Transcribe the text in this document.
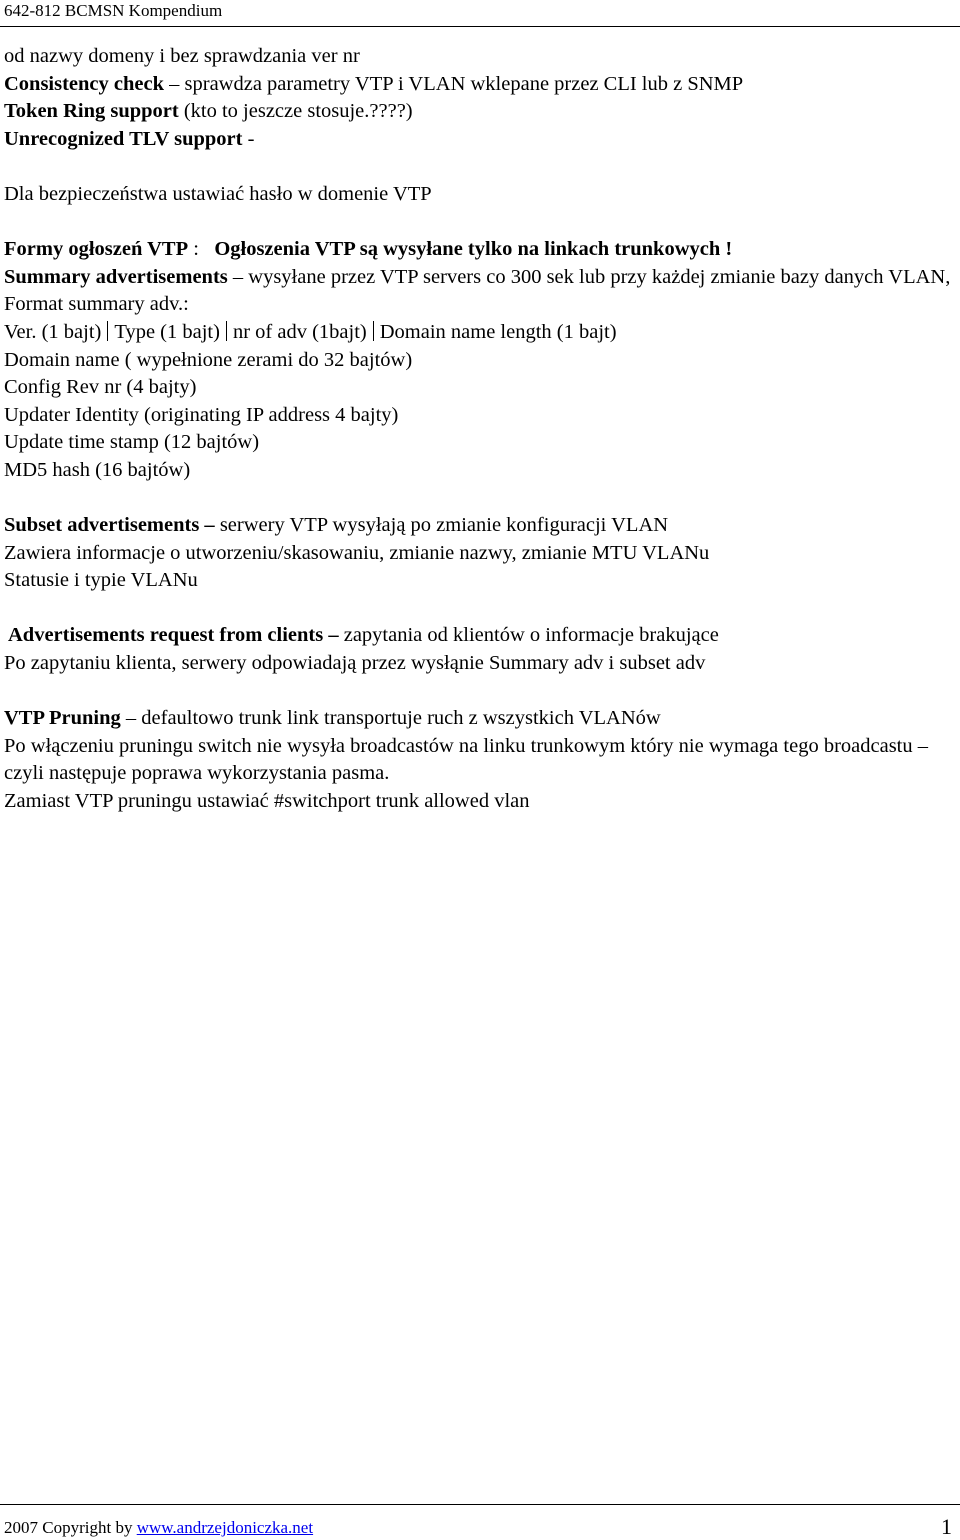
642-812 BCMSN Kompendium

od nazwy domeny i bez sprawdzania ver nr

Consistency check – sprawdza parametry VTP i VLAN wklepane przez CLI lub z SNMP

Token Ring support (kto to jeszcze stosuje.????)

Unrecognized TLV support -

Dla bezpieczeństwa ustawiać hasło w domenie VTP

Formy ogłoszeń VTP :   Ogłoszenia VTP są wysyłane tylko na linkach trunkowych !

Summary advertisements – wysyłane przez VTP servers co 300 sek lub przy każdej zmianie bazy danych VLAN,

Format summary adv.:

Ver. (1 bajt) Type (1 bajt) nr of adv (1bajt) Domain name length (1 bajt)

Domain name ( wypełnione zerami do 32 bajtów)

Config Rev nr (4 bajty)

Updater Identity (originating IP address 4 bajty)

Update time stamp (12 bajtów)

MD5 hash (16 bajtów)

Subset advertisements – serwery VTP wysyłają po zmianie konfiguracji VLAN

Zawiera informacje o utworzeniu/skasowaniu, zmianie nazwy, zmianie MTU VLANu

Statusie i typie VLANu

Advertisements request from clients – zapytania od klientów o informacje brakujące

Po zapytaniu klienta, serwery odpowiadają przez wysłąnie Summary adv i subset adv

VTP Pruning – defaultowo trunk link transportuje ruch z wszystkich VLANów

Po włączeniu pruningu switch nie wysyła broadcastów na linku trunkowym który nie wymaga tego broadcastu – czyli następuje poprawa wykorzystania pasma.

Zamiast VTP pruningu ustawiać #switchport trunk allowed vlan

2007 Copyright by www.andrzejdoniczka.net	1
